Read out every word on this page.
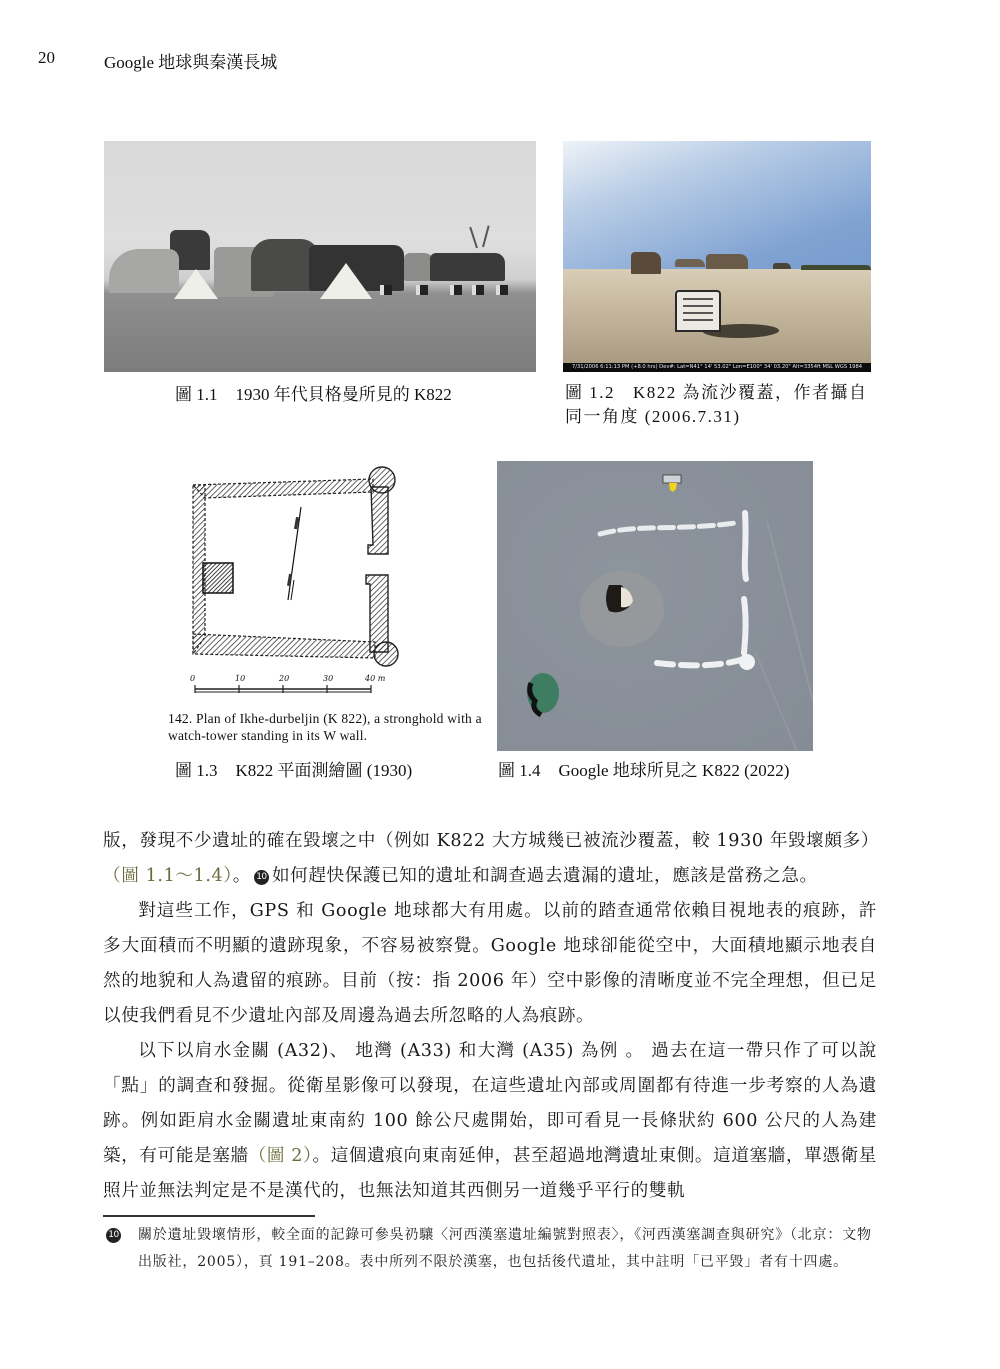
20	Google 地球與秦漢長城
圖 1.1 1930 年代貝格曼所見的 K822
7/31/2006 6:11:13 PM (+8.0 hrs) Dev#: Lat=N41° 14' 53.02" Lon=E100° 34' 03.20" Alt=3354ft MSL WGS 1984
圖 1.2 K822 為流沙覆蓋，作者攝自同一角度 (2006.7.31)
0	10	20	30	40 m
142. Plan of Ikhe-durbeljin (K 822), a stronghold with a watch-tower standing in its W wall.
圖 1.3 K822 平面測繪圖 (1930)	圖 1.4 Google 地球所見之 K822 (2022)

版，發現不少遺址的確在毀壞之中（例如 K822 大方城幾已被流沙覆蓋，較 1930 年毀壞頗多）（圖 1.1～1.4）。 10 如何趕快保護已知的遺址和調查過去遺漏的遺址，應該是當務之急。

對這些工作，GPS 和 Google 地球都大有用處。以前的踏查通常依賴目視地表的痕跡，許多大面積而不明顯的遺跡現象，不容易被察覺。Google 地球卻能從空中，大面積地顯示地表自然的地貌和人為遺留的痕跡。目前（按：指 2006 年）空中影像的清晰度並不完全理想，但已足以使我們看見不少遺址內部及周邊為過去所忽略的人為痕跡。

以下以肩水金關 (A32)、 地灣 (A33) 和大灣 (A35) 為例 。 過去在這一帶只作了可以說「點」的調查和發掘。從衛星影像可以發現，在這些遺址內部或周圍都有待進一步考察的人為遺跡。例如距肩水金關遺址東南約 100 餘公尺處開始，即可看見一長條狀約 600 公尺的人為建築，有可能是塞牆（圖 2）。這個遺痕向東南延伸，甚至超過地灣遺址東側。這道塞牆，單憑衛星照片並無法判定是不是漢代的，也無法知道其西側另一道幾乎平行的雙軌

10	關於遺址毀壞情形，較全面的記錄可參吳礽驤〈河西漢塞遺址編號對照表〉，《河西漢塞調查與研究》（北京：文物出版社，2005），頁 191–208。表中所列不限於漢塞，也包括後代遺址，其中註明「已平毀」者有十四處。
